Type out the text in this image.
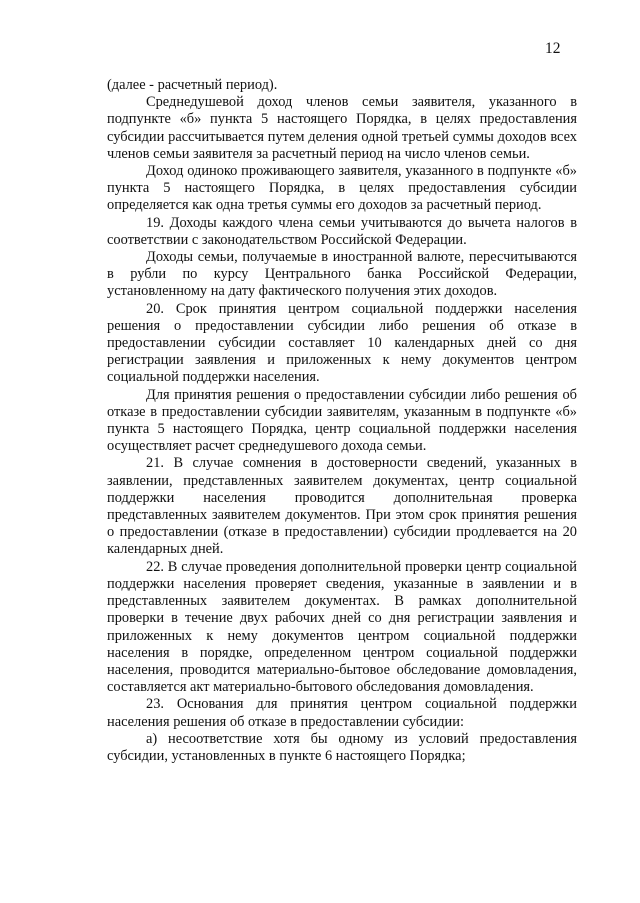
12

(далее - расчетный период).

Среднедушевой доход членов семьи заявителя, указанного в подпункте «б» пункта 5 настоящего Порядка, в целях предоставления субсидии рассчитывается путем деления одной третьей суммы доходов всех членов семьи заявителя за расчетный период на число членов семьи.

Доход одиноко проживающего заявителя, указанного в подпункте «б» пункта 5 настоящего Порядка, в целях предоставления субсидии определяется как одна третья суммы его доходов за расчетный период.

19. Доходы каждого члена семьи учитываются до вычета налогов в соответствии с законодательством Российской Федерации.

Доходы семьи, получаемые в иностранной валюте, пересчитываются в рубли по курсу Центрального банка Российской Федерации, установленному на дату фактического получения этих доходов.

20. Срок принятия центром социальной поддержки населения решения о предоставлении субсидии либо решения об отказе в предоставлении субсидии составляет 10 календарных дней со дня регистрации заявления и приложенных к нему документов центром социальной поддержки населения.

Для принятия решения о предоставлении субсидии либо решения об отказе в предоставлении субсидии заявителям, указанным в подпункте «б» пункта 5 настоящего Порядка, центр социальной поддержки населения осуществляет расчет среднедушевого дохода семьи.

21. В случае сомнения в достоверности сведений, указанных в заявлении, представленных заявителем документах, центр социальной поддержки населения проводится дополнительная проверка представленных заявителем документов. При этом срок принятия решения о предоставлении (отказе в предоставлении) субсидии продлевается на 20 календарных дней.

22. В случае проведения дополнительной проверки центр социальной поддержки населения проверяет сведения, указанные в заявлении и в представленных заявителем документах. В рамках дополнительной проверки в течение двух рабочих дней со дня регистрации заявления и приложенных к нему документов центром социальной поддержки населения в порядке, определенном центром социальной поддержки населения, проводится материально-бытовое обследование домовладения, составляется акт материально-бытового обследования домовладения.

23. Основания для принятия центром социальной поддержки населения решения об отказе в предоставлении субсидии:

а) несоответствие хотя бы одному из условий предоставления субсидии, установленных в пункте 6 настоящего Порядка;
